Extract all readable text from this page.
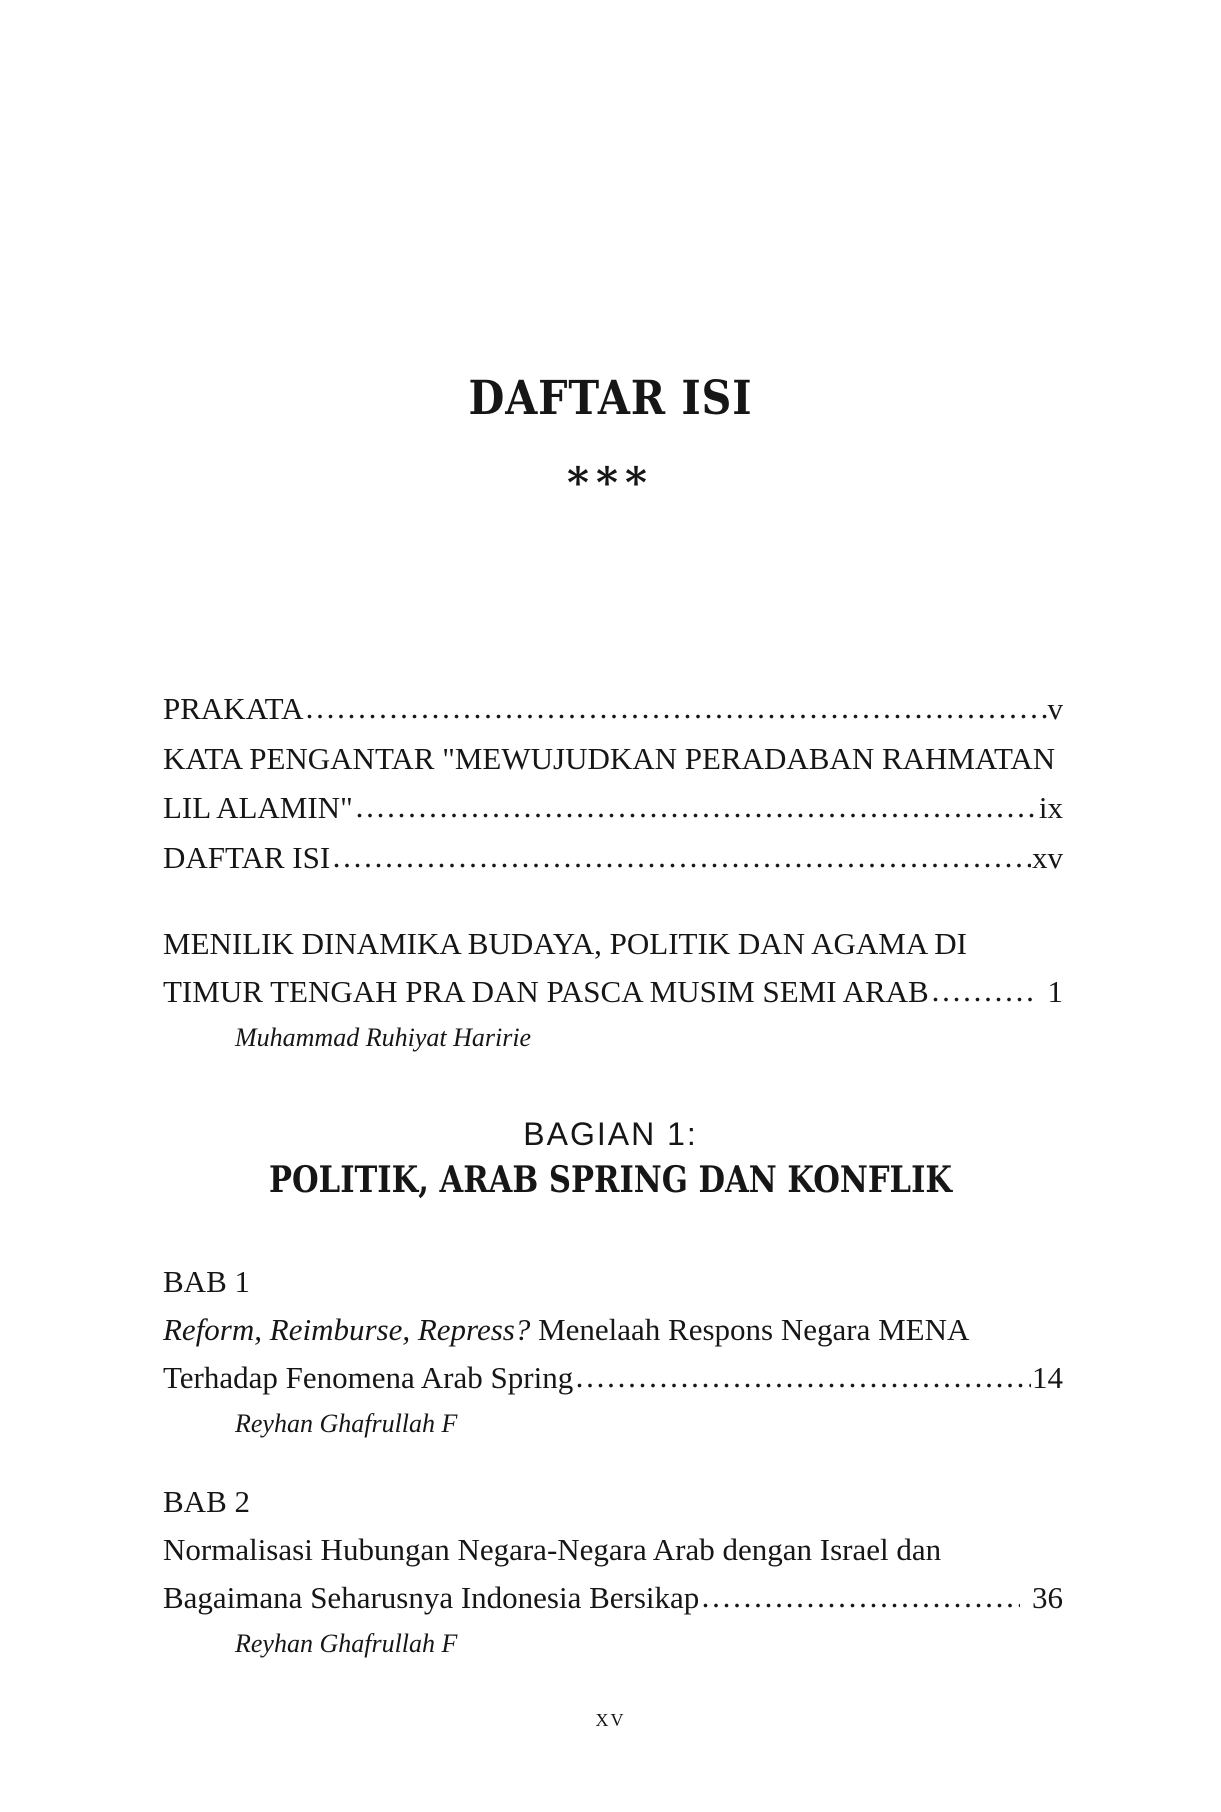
DAFTAR ISI
***
PRAKATA	v
KATA PENGANTAR "MEWUJUDKAN PERADABAN RAHMATAN
LIL ALAMIN"	ix
DAFTAR ISI	xv
MENILIK DINAMIKA BUDAYA, POLITIK DAN AGAMA DI
TIMUR TENGAH PRA DAN PASCA MUSIM SEMI ARAB	1
Muhammad Ruhiyat Haririe
BAGIAN 1:
POLITIK, ARAB SPRING DAN KONFLIK
BAB 1
Reform, Reimburse, Repress? Menelaah Respons Negara MENA
Terhadap Fenomena Arab Spring	14
Reyhan Ghafrullah F
BAB 2
Normalisasi Hubungan Negara-Negara Arab dengan Israel dan
Bagaimana Seharusnya Indonesia Bersikap	36
Reyhan Ghafrullah F
xv
